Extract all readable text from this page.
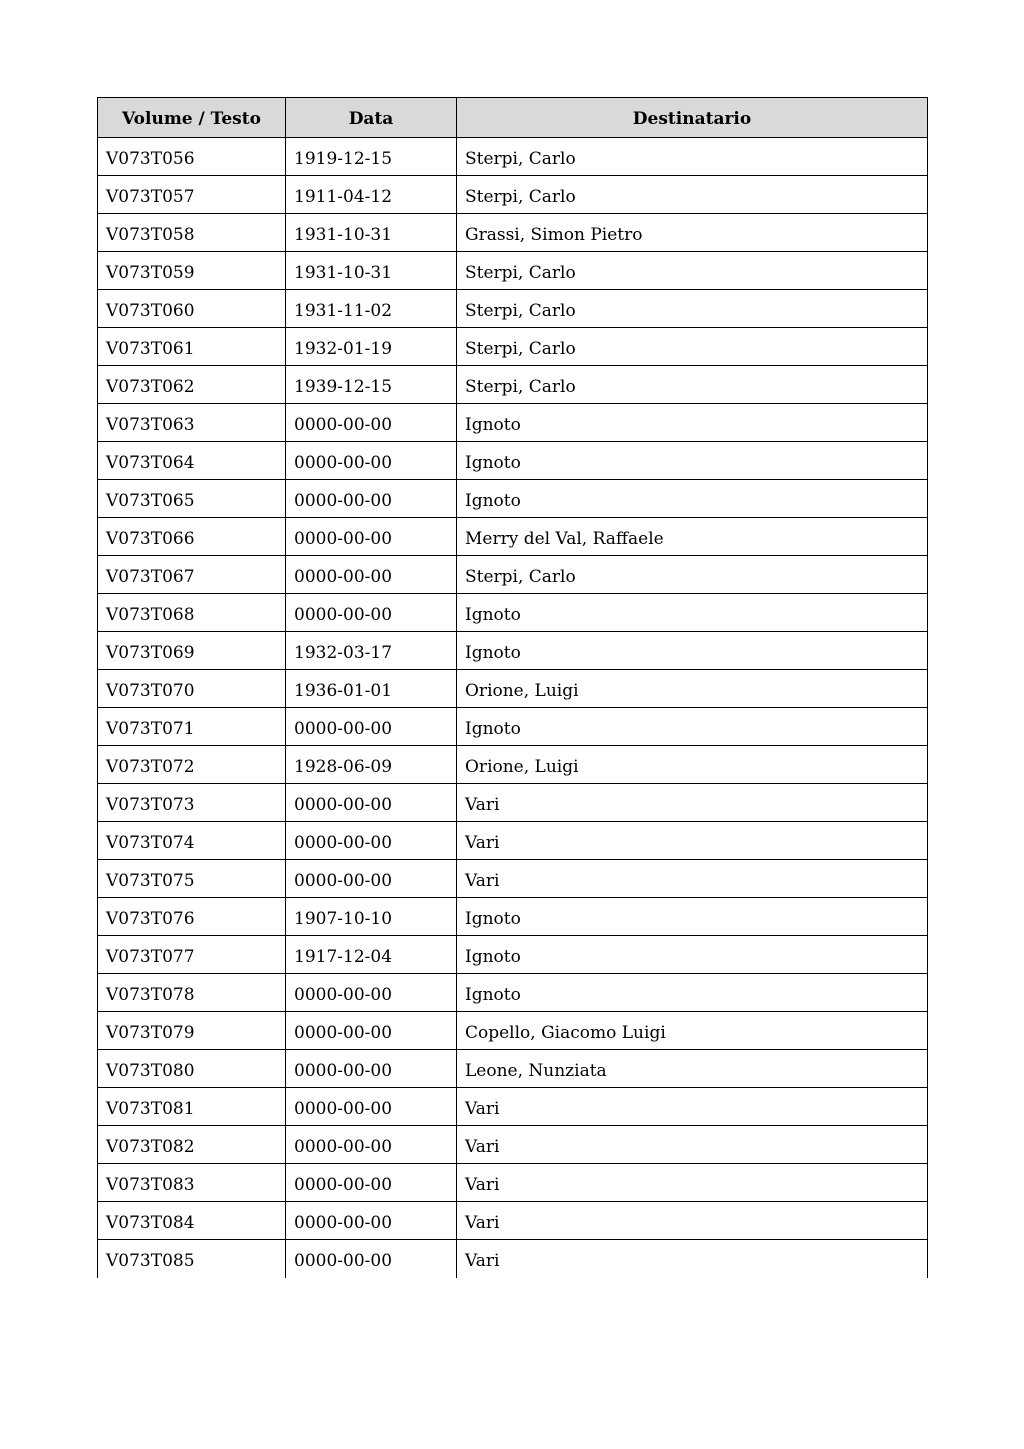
Volume / Testo	Data	Destinatario
V073T056	1919-12-15	Sterpi, Carlo
V073T057	1911-04-12	Sterpi, Carlo
V073T058	1931-10-31	Grassi, Simon Pietro
V073T059	1931-10-31	Sterpi, Carlo
V073T060	1931-11-02	Sterpi, Carlo
V073T061	1932-01-19	Sterpi, Carlo
V073T062	1939-12-15	Sterpi, Carlo
V073T063	0000-00-00	Ignoto
V073T064	0000-00-00	Ignoto
V073T065	0000-00-00	Ignoto
V073T066	0000-00-00	Merry del Val, Raffaele
V073T067	0000-00-00	Sterpi, Carlo
V073T068	0000-00-00	Ignoto
V073T069	1932-03-17	Ignoto
V073T070	1936-01-01	Orione, Luigi
V073T071	0000-00-00	Ignoto
V073T072	1928-06-09	Orione, Luigi
V073T073	0000-00-00	Vari
V073T074	0000-00-00	Vari
V073T075	0000-00-00	Vari
V073T076	1907-10-10	Ignoto
V073T077	1917-12-04	Ignoto
V073T078	0000-00-00	Ignoto
V073T079	0000-00-00	Copello, Giacomo Luigi
V073T080	0000-00-00	Leone, Nunziata
V073T081	0000-00-00	Vari
V073T082	0000-00-00	Vari
V073T083	0000-00-00	Vari
V073T084	0000-00-00	Vari
V073T085	0000-00-00	Vari
